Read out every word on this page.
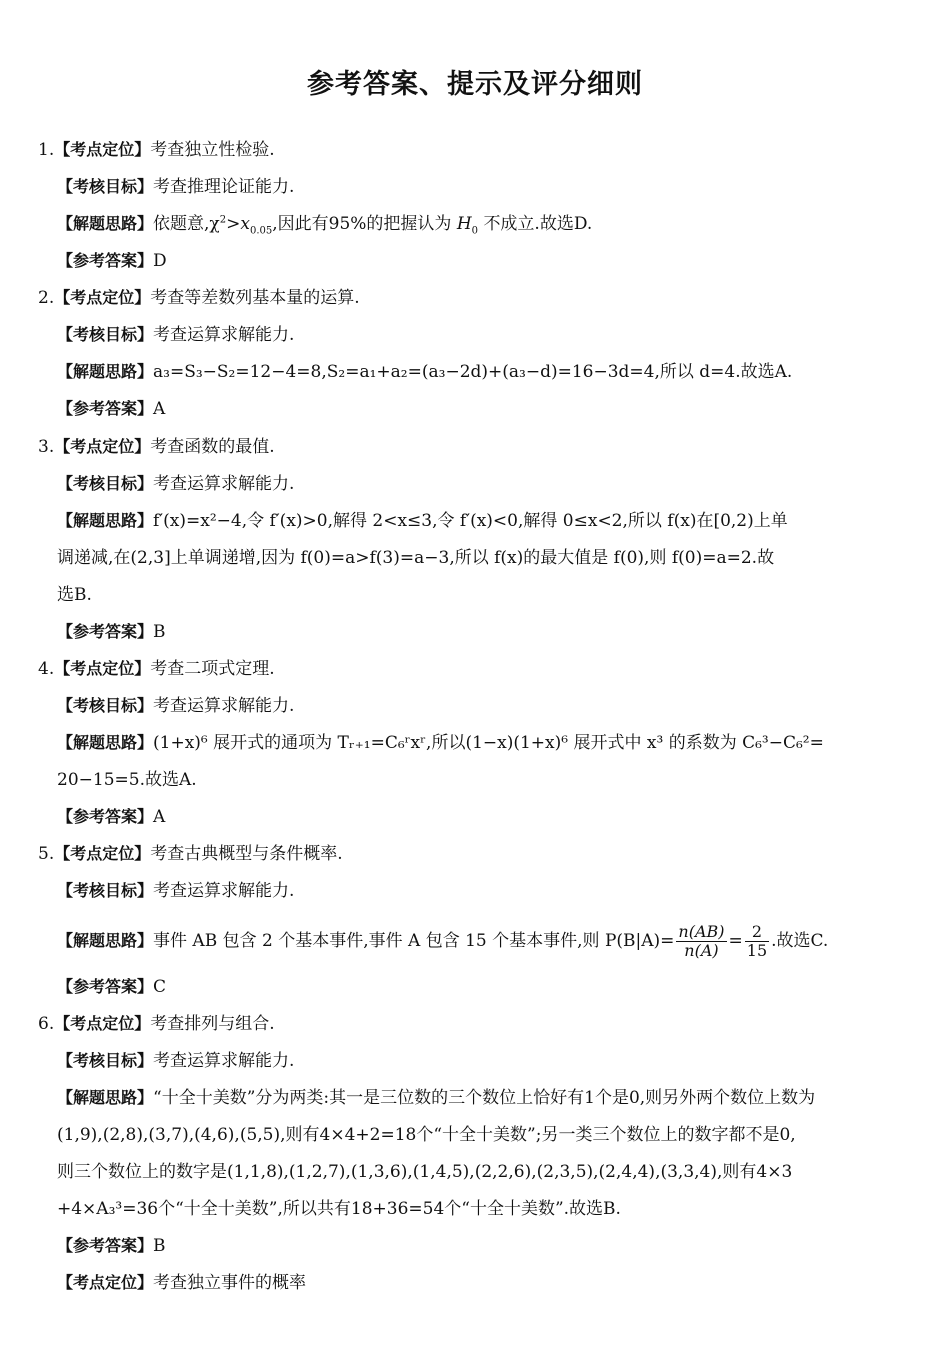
参考答案、提示及评分细则
1.【考点定位】考查独立性检验.
【考核目标】考查推理论证能力.
【解题思路】依题意$,\chi^2>x_{0.05}$,因此有95%的把握认为 $H_0$ 不成立.故选D.
【参考答案】D
2.【考点定位】考查等差数列基本量的运算.
【考核目标】考查运算求解能力.
【解题思路】a₃=S₃−S₂=12−4=8,S₂=a₁+a₂=(a₃−2d)+(a₃−d)=16−3d=4,所以 d=4.故选A.
【参考答案】A
3.【考点定位】考查函数的最值.
【考核目标】考查运算求解能力.
【解题思路】f′(x)=x²−4,令 f′(x)>0,解得 2<x≤3,令 f′(x)<0,解得 0≤x<2,所以 f(x)在[0,2)上单
调递减,在(2,3]上单调递增,因为 f(0)=a>f(3)=a−3,所以 f(x)的最大值是 f(0),则 f(0)=a=2.故
选B.
【参考答案】B
4.【考点定位】考查二项式定理.
【考核目标】考查运算求解能力.
【解题思路】(1+x)⁶ 展开式的通项为 Tᵣ₊₁=C₆ʳxʳ,所以(1−x)(1+x)⁶ 展开式中 x³ 的系数为 C₆³−C₆²=
20−15=5.故选A.
【参考答案】A
5.【考点定位】考查古典概型与条件概率.
【考核目标】考查运算求解能力.
【解题思路】事件 AB 包含 2 个基本事件,事件 A 包含 15 个基本事件,则 $P(B|A)= \frac{n(AB)}{n(A)} = \frac{2}{15}$ .故选C.
【参考答案】C
6.【考点定位】考查排列与组合.
【考核目标】考查运算求解能力.
【解题思路】“十全十美数”分为两类:其一是三位数的三个数位上恰好有1个是0,则另外两个数位上数为
(1,9),(2,8),(3,7),(4,6),(5,5),则有4×4+2=18个“十全十美数”;另一类三个数位上的数字都不是0,
则三个数位上的数字是(1,1,8),(1,2,7),(1,3,6),(1,4,5),(2,2,6),(2,3,5),(2,4,4),(3,3,4),则有4×3
+4×A₃³=36个“十全十美数”,所以共有18+36=54个“十全十美数”.故选B.
【参考答案】B
【考点定位】考查独立事件的概率
